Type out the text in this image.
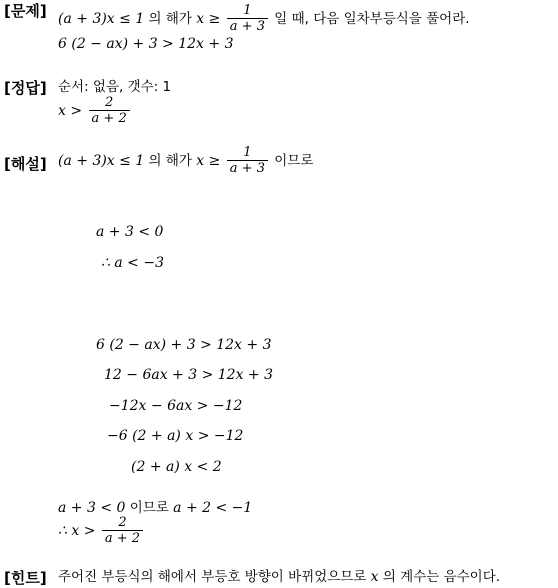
[문제] (a + 3)x ≤ 1 의 해가 $x \ge \frac{1}{a + 3}$ 일 때, 다음 일차부등식을 풀어라.
6 (2 − ax) + 3 > 12x + 3
[정답] 순서: 없음, 갯수: 1
$x > \frac{2}{a + 2}$
[해설] (a + 3)x ≤ 1 의 해가 $x \ge \frac{1}{a + 3}$ 이므로
a + 3 < 0
∴ a < −3
6 (2 − ax) + 3 > 12x + 3
12 − 6ax + 3 > 12x + 3
−12x − 6ax > −12
−6 (2 + a) x > −12
(2 + a) x < 2
a + 3 < 0 이므로 a + 2 < −1
∴ $x > \frac{2}{a + 2}$
[힌트] 주어진 부등식의 해에서 부등호 방향이 바뀌었으므로 x 의 계수는 음수이다.
